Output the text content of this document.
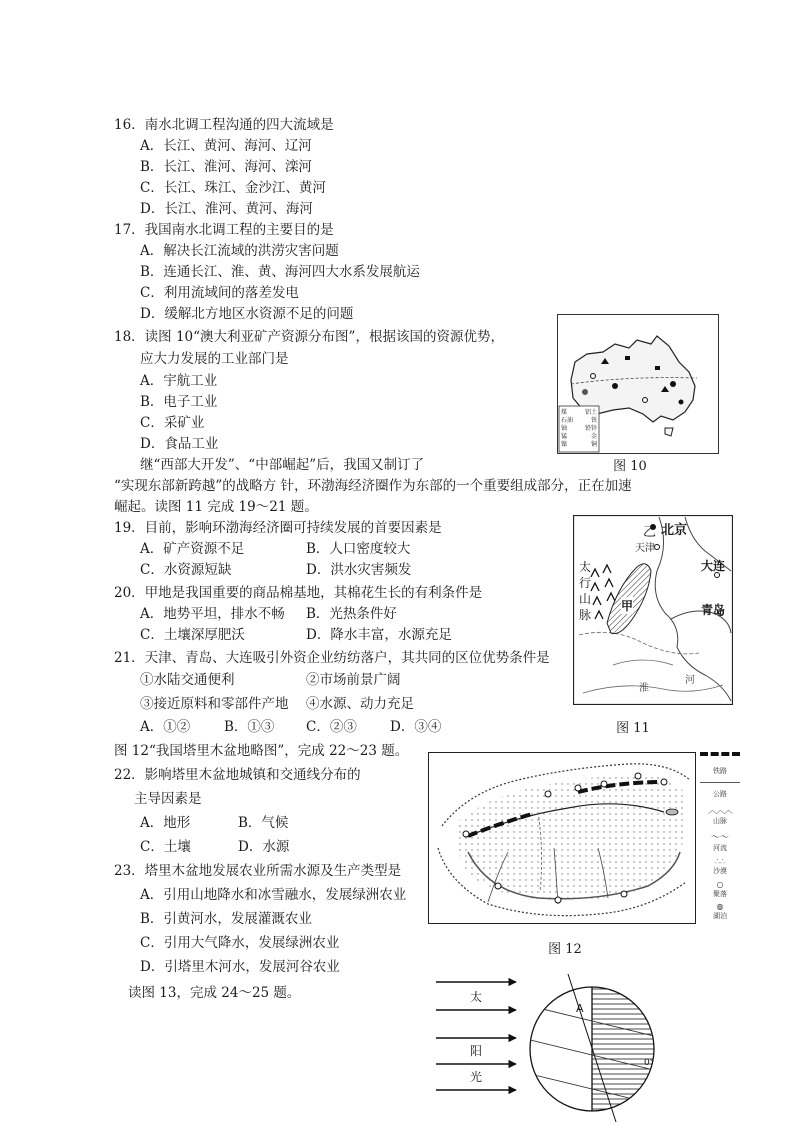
16．南水北调工程沟通的四大流域是
A．长江、黄河、海河、辽河
B．长江、淮河、海河、滦河
C．长江、珠江、金沙江、黄河
D．长江、淮河、黄河、海河
17．我国南水北调工程的主要目的是
A．解决长江流域的洪涝灾害问题
B．连通长江、淮、黄、海河四大水系发展航运
C．利用流域间的落差发电
D．缓解北方地区水资源不足的问题
18．读图 10“澳大利亚矿产资源分布图”，根据该国的资源优势，
应大力发展的工业部门是
A．宇航工业
B．电子工业
C．采矿业
D．食品工业
继“西部大开发”、“中部崛起”后，我国又制订了
“实现东部新跨越”的战略方 针，环渤海经济圈作为东部的一个重要组成部分，正在加速
崛起。读图 11 完成 19～21 题。
19．目前，影响环渤海经济圈可持续发展的首要因素是
A．矿产资源不足	B．人口密度较大
C．水资源短缺	D．洪水灾害频发
20．甲地是我国重要的商品棉基地，其棉花生长的有利条件是
A．地势平坦，排水不畅 B．光热条件好
C．土壤深厚肥沃	D．降水丰富，水源充足
21．天津、青岛、大连吸引外资企业纺纺落户，其共同的区位优势条件是
①水陆交通便利	②市场前景广阔
③接近原料和零部件产地 ④水源、动力充足
A．①②	B．①③ C．②③ D．③④
图 12“我国塔里木盆地略图”，完成 22～23 题。
22．影响塔里木盆地城镇和交通线分布的
主导因素是
A．地形	B．气候
C．土壤	D．水源
23．塔里木盆地发展农业所需水源及生产类型是
A．引用山地降水和冰雪融水，发展绿洲农业
B．引黄河水，发展灌溉农业
C．引用大气降水，发展绿洲农业
D．引塔里木河水，发展河谷农业
读图 13，完成 24～25 题。
煤	铝土
石油	铁
铀	铅锌
锰	金
镍	铜
图 10
乙 北京
天津
大连
青岛
甲
太
行
山
脉
淮
河
图 11
铁路
公路
︿︿︿
山脉
～～
河流
∴∴
沙漠
○
聚落
◍
湖泊
图 12
太
阳
光
A
0°
